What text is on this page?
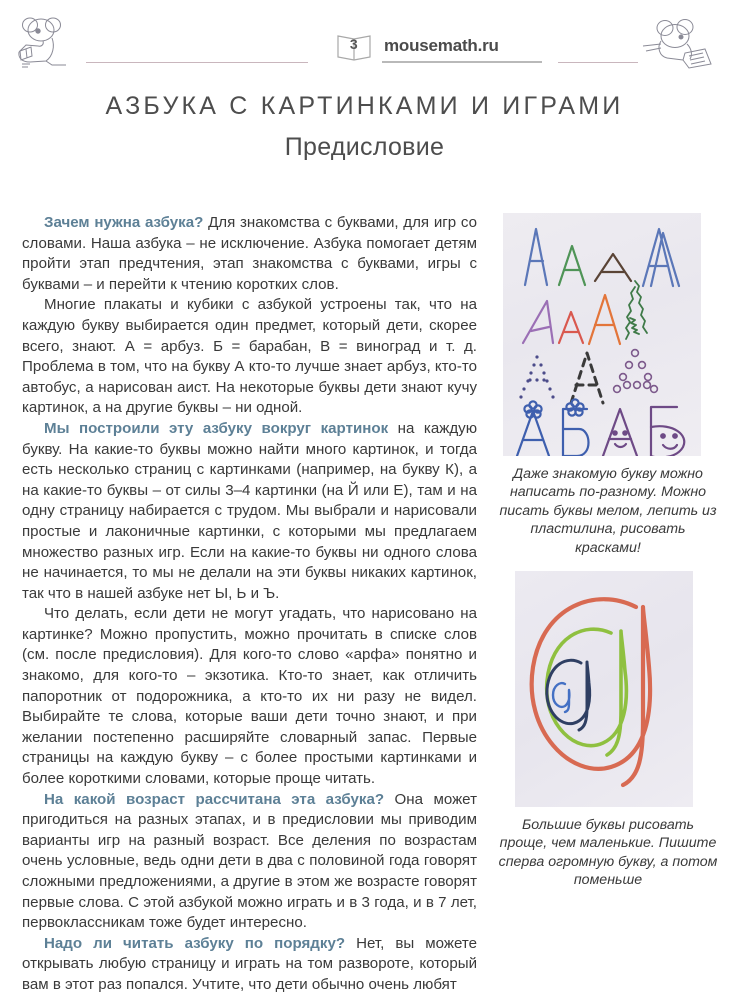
3	mousemath.ru
АЗБУКА С КАРТИНКАМИ И ИГРАМИ
Предисловие

Зачем нужна азбука? Для знакомства с буквами, для игр со словами. Наша азбука – не исключение. Азбука помогает детям пройти этап предчтения, этап знакомства с буквами, игры с буквами – и перейти к чтению коротких слов.

Многие плакаты и кубики с азбукой устроены так, что на каждую букву выбирается один предмет, который дети, скорее всего, знают. А = арбуз. Б = барабан, В = виноград и т. д. Проблема в том, что на букву А кто-то лучше знает арбуз, кто-то автобус, а нарисован аист. На некоторые буквы дети знают кучу картинок, а на другие буквы – ни одной.

Мы построили эту азбуку вокруг картинок на каждую букву. На какие-то буквы можно найти много картинок, и тогда есть несколько страниц с картинками (например, на букву К), а на какие-то буквы – от силы 3–4 картинки (на Й или Е), там и на одну страницу набирается с трудом. Мы выбрали и нарисовали простые и лаконичные картинки, с которыми мы предлагаем множество разных игр. Если на какие-то буквы ни одного слова не начинается, то мы не делали на эти буквы никаких картинок, так что в нашей азбуке нет Ы, Ь и Ъ.

Что делать, если дети не могут угадать, что нарисовано на картинке? Можно пропустить, можно прочитать в списке слов (см. после предисловия). Для кого-то слово «арфа» понятно и знакомо, для кого-то – экзотика. Кто-то знает, как отличить папоротник от подорожника, а кто-то их ни разу не видел. Выбирайте те слова, которые ваши дети точно знают, и при желании постепенно расширяйте словарный запас. Первые страницы на каждую букву – с более простыми картинками и более короткими словами, которые проще читать.

На какой возраст рассчитана эта азбука? Она может пригодиться на разных этапах, и в предисловии мы приводим варианты игр на разный возраст. Все деления по возрастам очень условные, ведь одни дети в два с половиной года говорят сложными предложениями, а другие в этом же возрасте говорят первые слова. С этой азбукой можно играть и в 3 года, и в 7 лет, первоклассникам тоже будет интересно.

Надо ли читать азбуку по порядку? Нет, вы можете открывать любую страницу и играть на том развороте, который вам в этот раз попался. Учтите, что дети обычно очень любят

Даже знакомую букву можно написать по-разному. Можно писать буквы мелом, лепить из пластилина, рисовать красками!
Большие буквы рисовать проще, чем маленькие. Пишите сперва огромную букву, а потом поменьше
